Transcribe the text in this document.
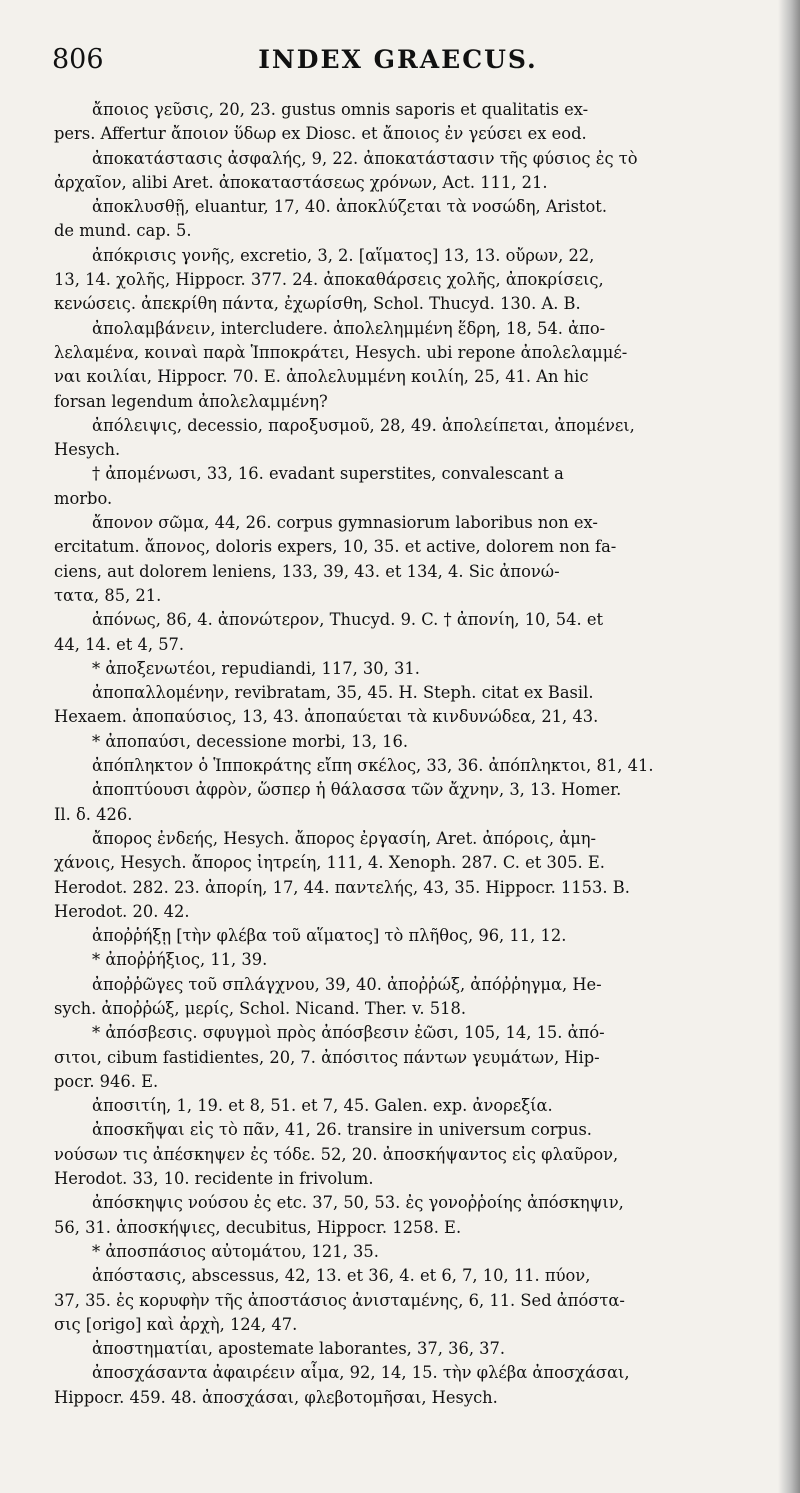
806	INDEX GRAECUS.
ἄποιος γεῦσις, 20, 23. gustus omnis saporis et qualitatis ex-
pers. Affertur ἄποιον ὕδωρ ex Diosc. et ἄποιος ἐν γεύσει ex eod.
ἀποκατάστασις ἀσφαλής, 9, 22. ἀποκατάστασιν τῆς φύσιος ἐς τὸ
ἀρχαῖον, alibi Aret. ἀποκαταστάσεως χρόνων, Act. 111, 21.
ἀποκλυσθῇ, eluantur, 17, 40. ἀποκλύζεται τὰ νοσώδη, Aristot.
de mund. cap. 5.
ἀπόκρισις γονῆς, excretio, 3, 2. [αἵματος] 13, 13. οὔρων, 22,
13, 14. χολῆς, Hippocr. 377. 24. ἀποκαθάρσεις χολῆς, ἀποκρίσεις,
κενώσεις. ἀπεκρίθη πάντα, ἐχωρίσθη, Schol. Thucyd. 130. A. B.
ἀπολαμβάνειν, intercludere. ἀπολελημμένη ἕδρη, 18, 54. ἀπο-
λελαμένα, κοιναὶ παρὰ Ἱπποκράτει, Hesych. ubi repone ἀπολελαμμέ-
ναι κοιλίαι, Hippocr. 70. E. ἀπολελυμμένη κοιλίη, 25, 41. An hic
forsan legendum ἀπολελαμμένη?
ἀπόλειψις, decessio, παροξυσμοῦ, 28, 49. ἀπολείπεται, ἀπομένει,
Hesych.
† ἀπομένωσι, 33, 16. evadant superstites, convalescant a
morbo.
ἄπονον σῶμα, 44, 26. corpus gymnasiorum laboribus non ex-
ercitatum. ἄπονος, doloris expers, 10, 35. et active, dolorem non fa-
ciens, aut dolorem leniens, 133, 39, 43. et 134, 4. Sic ἀπονώ-
τατα, 85, 21.
ἀπόνως, 86, 4. ἀπονώτερον, Thucyd. 9. C. † ἀπονίη, 10, 54. et
44, 14. et 4, 57.
* ἀποξενωτέοι, repudiandi, 117, 30, 31.
ἀποπαλλομένην, revibratam, 35, 45. H. Steph. citat ex Basil.
Hexaem. ἀποπαύσιος, 13, 43. ἀποπαύεται τὰ κινδυνώδεα, 21, 43.
* ἀποπαύσι, decessione morbi, 13, 16.
ἀπόπληκτον ὁ Ἱπποκράτης εἴπη σκέλος, 33, 36. ἀπόπληκτοι, 81, 41.
ἀποπτύουσι ἀφρὸν, ὥσπερ ἡ θάλασσα τῶν ἄχνην, 3, 13. Homer.
Il. δ. 426.
ἄπορος ἐνδεής, Hesych. ἄπορος ἐργασίη, Aret. ἀπόροις, ἀμη-
χάνοις, Hesych. ἄπορος ἰητρείη, 111, 4. Xenoph. 287. C. et 305. E.
Herodot. 282. 23. ἀπορίη, 17, 44. παντελής, 43, 35. Hippocr. 1153. B.
Herodot. 20. 42.
ἀποῤῥήξῃ [τὴν φλέβα τοῦ αἵματος] τὸ πλῆθος, 96, 11, 12.
* ἀποῤῥήξιος, 11, 39.
ἀποῤῥῶγες τοῦ σπλάγχνου, 39, 40. ἀποῤῥώξ, ἀπόῤῥηγμα, He-
sych. ἀποῤῥώξ, μερίς, Schol. Nicand. Ther. v. 518.
* ἀπόσβεσις. σφυγμοὶ πρὸς ἀπόσβεσιν ἐῶσι, 105, 14, 15. ἀπό-
σιτοι, cibum fastidientes, 20, 7. ἀπόσιτος πάντων γευμάτων, Hip-
pocr. 946. E.
ἀποσιτίη, 1, 19. et 8, 51. et 7, 45. Galen. exp. ἀνορεξία.
ἀποσκῆψαι εἰς τὸ πᾶν, 41, 26. transire in universum corpus.
νούσων τις ἀπέσκηψεν ἐς τόδε. 52, 20. ἀποσκήψαντος εἰς φλαῦρον,
Herodot. 33, 10. recidente in frivolum.
ἀπόσκηψις νούσου ἐς etc. 37, 50, 53. ἐς γονοῤῥοίης ἀπόσκηψιν,
56, 31. ἀποσκήψιες, decubitus, Hippocr. 1258. E.
* ἀποσπάσιος αὐτομάτου, 121, 35.
ἀπόστασις, abscessus, 42, 13. et 36, 4. et 6, 7, 10, 11. πύον,
37, 35. ἐς κορυφὴν τῆς ἀποστάσιος ἀνισταμένης, 6, 11. Sed ἀπόστα-
σις [origo] καὶ ἀρχὴ, 124, 47.
ἀποστηματίαι, apostemate laborantes, 37, 36, 37.
ἀποσχάσαντα ἀφαιρέειν αἷμα, 92, 14, 15. τὴν φλέβα ἀποσχάσαι,
Hippocr. 459. 48. ἀποσχάσαι, φλεβοτομῆσαι, Hesych.
